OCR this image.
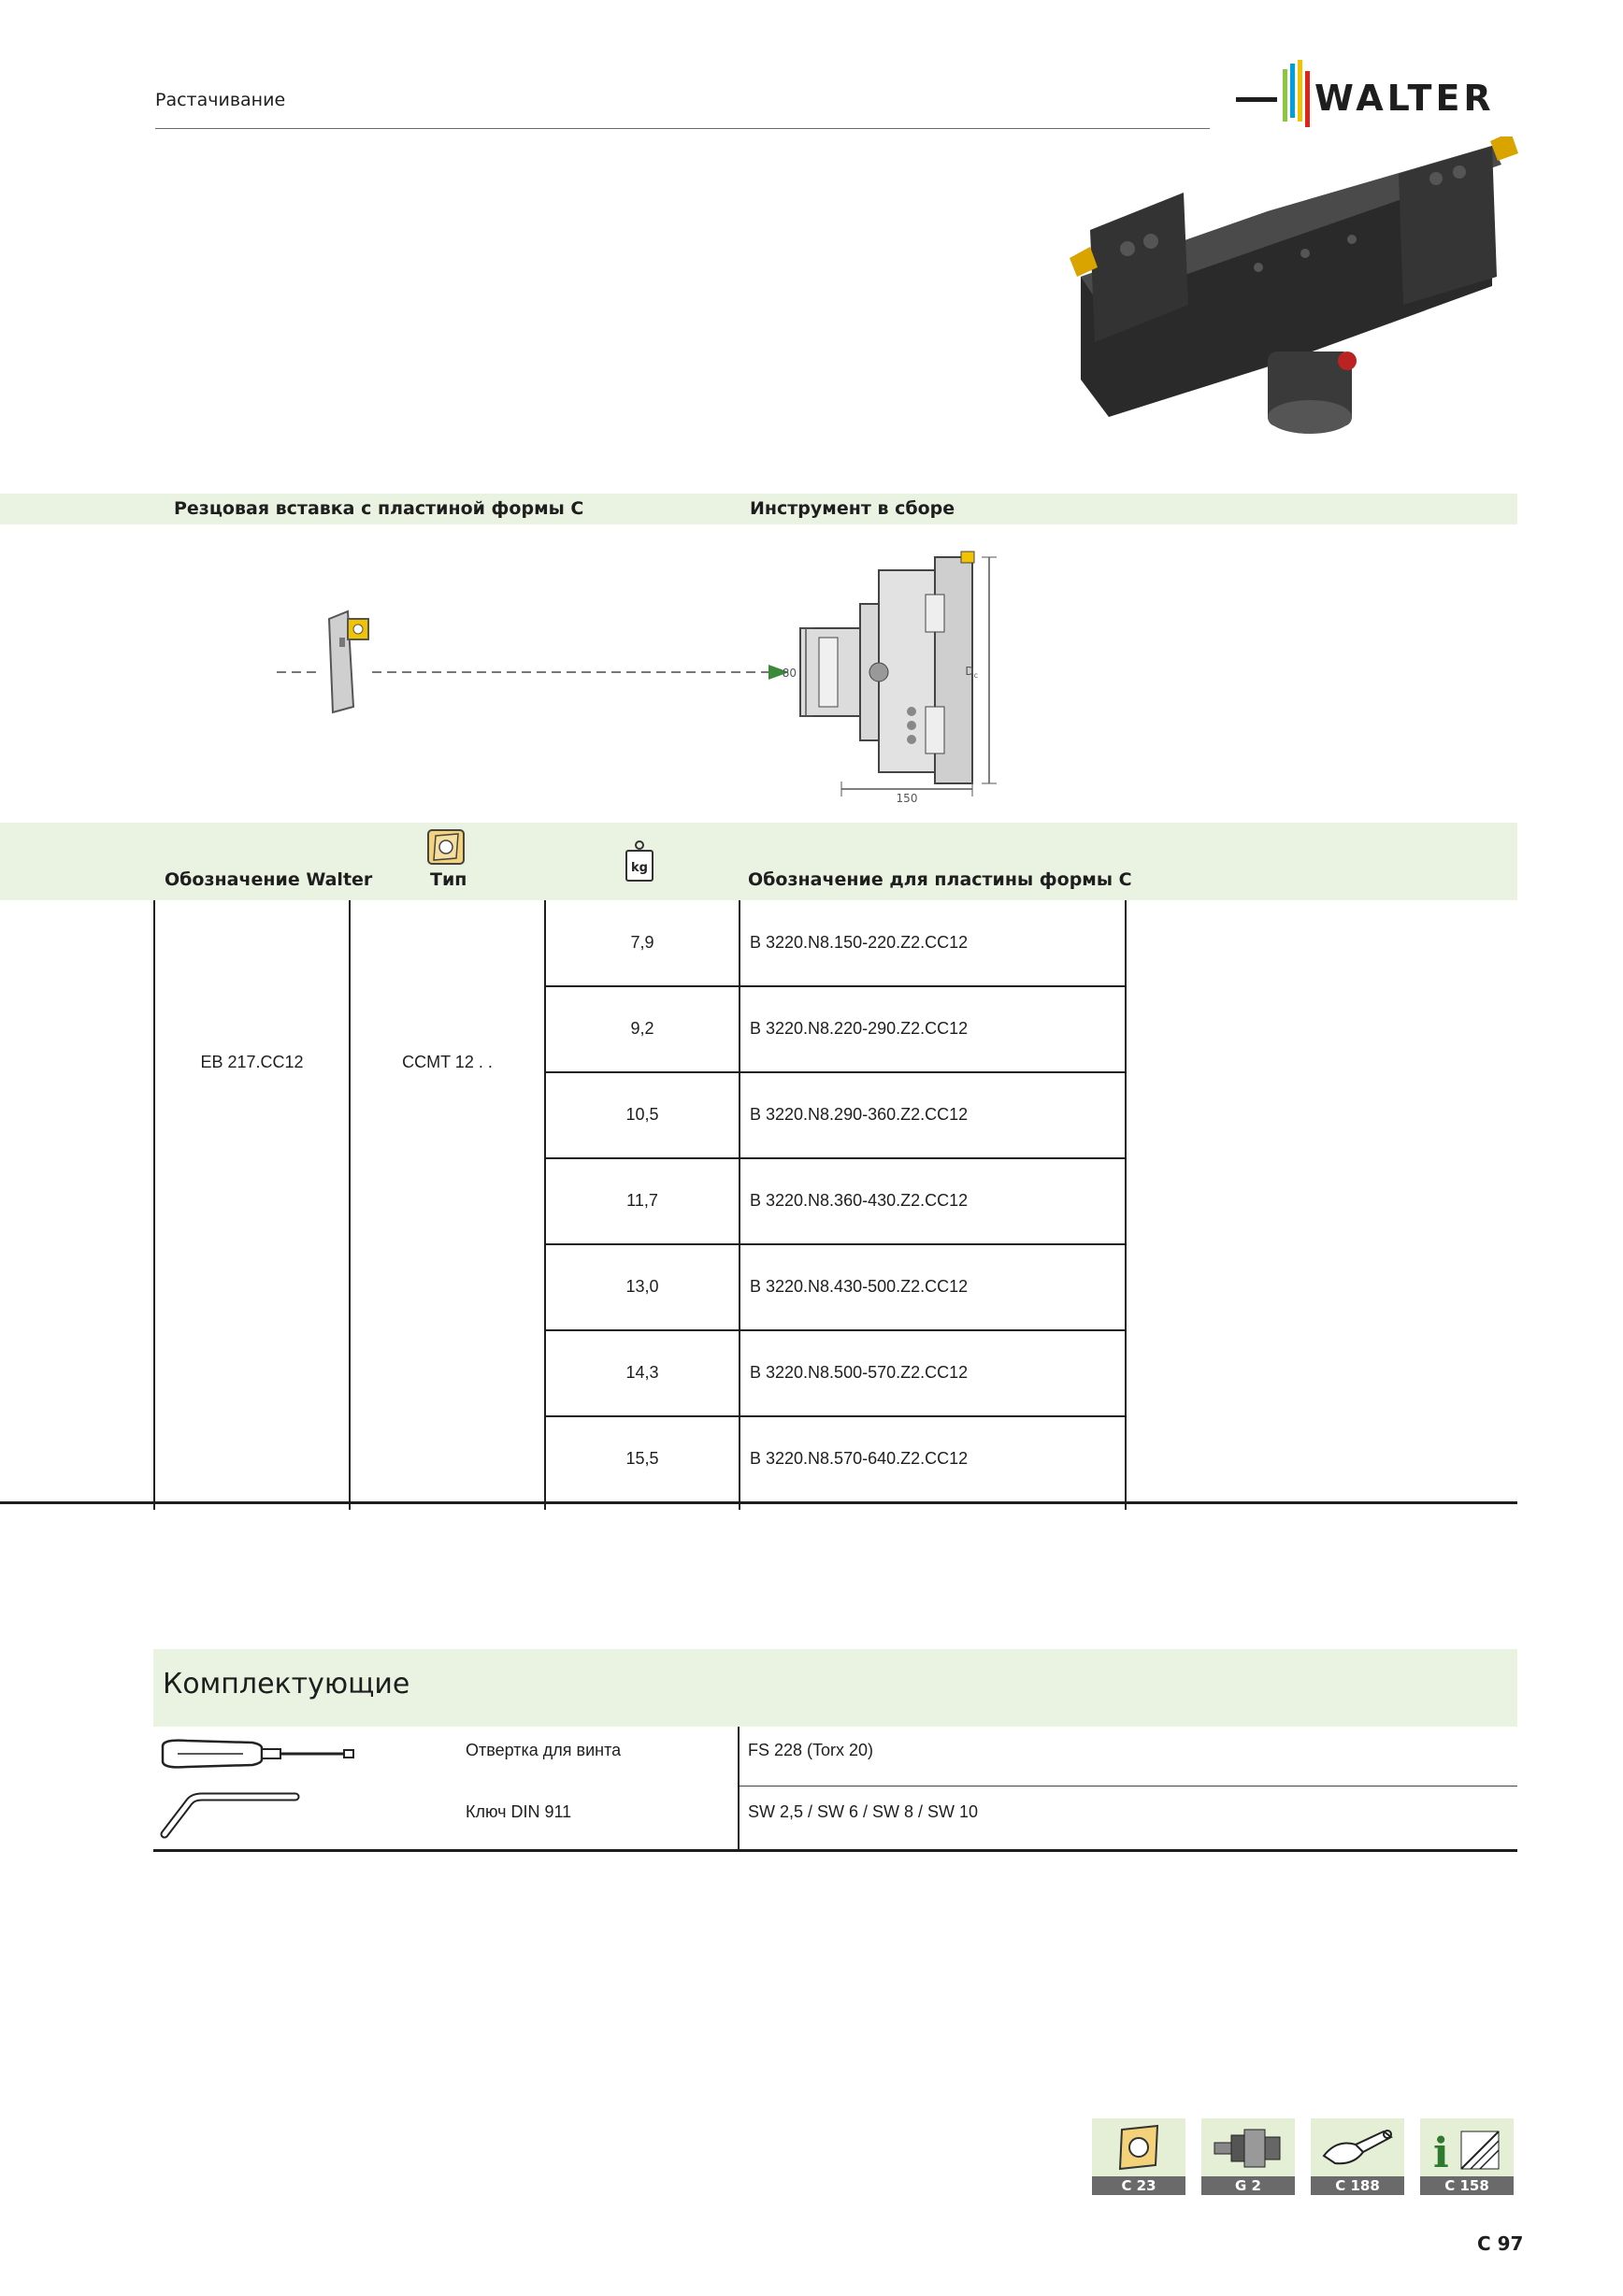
Растачивание	WALTER
Резцовая вставка с пластиной формы С	Инструмент в сборе
80
150
$D_c$
Обозначение Walter	Тип
kg
Обозначение для пластины формы С
EB 217.CC12	CCMT 12 . .
7,9	B 3220.N8.150-220.Z2.CC12
9,2	B 3220.N8.220-290.Z2.CC12
10,5	B 3220.N8.290-360.Z2.CC12
11,7	B 3220.N8.360-430.Z2.CC12
13,0	B 3220.N8.430-500.Z2.CC12
14,3	B 3220.N8.500-570.Z2.CC12
15,5	B 3220.N8.570-640.Z2.CC12
Комплектующие
Отвертка для винта	FS 228 (Torx 20)
Ключ DIN 911	SW 2,5 / SW 6 / SW 8 / SW 10
C 23	G 2	C 188
i
C 158
C 97
